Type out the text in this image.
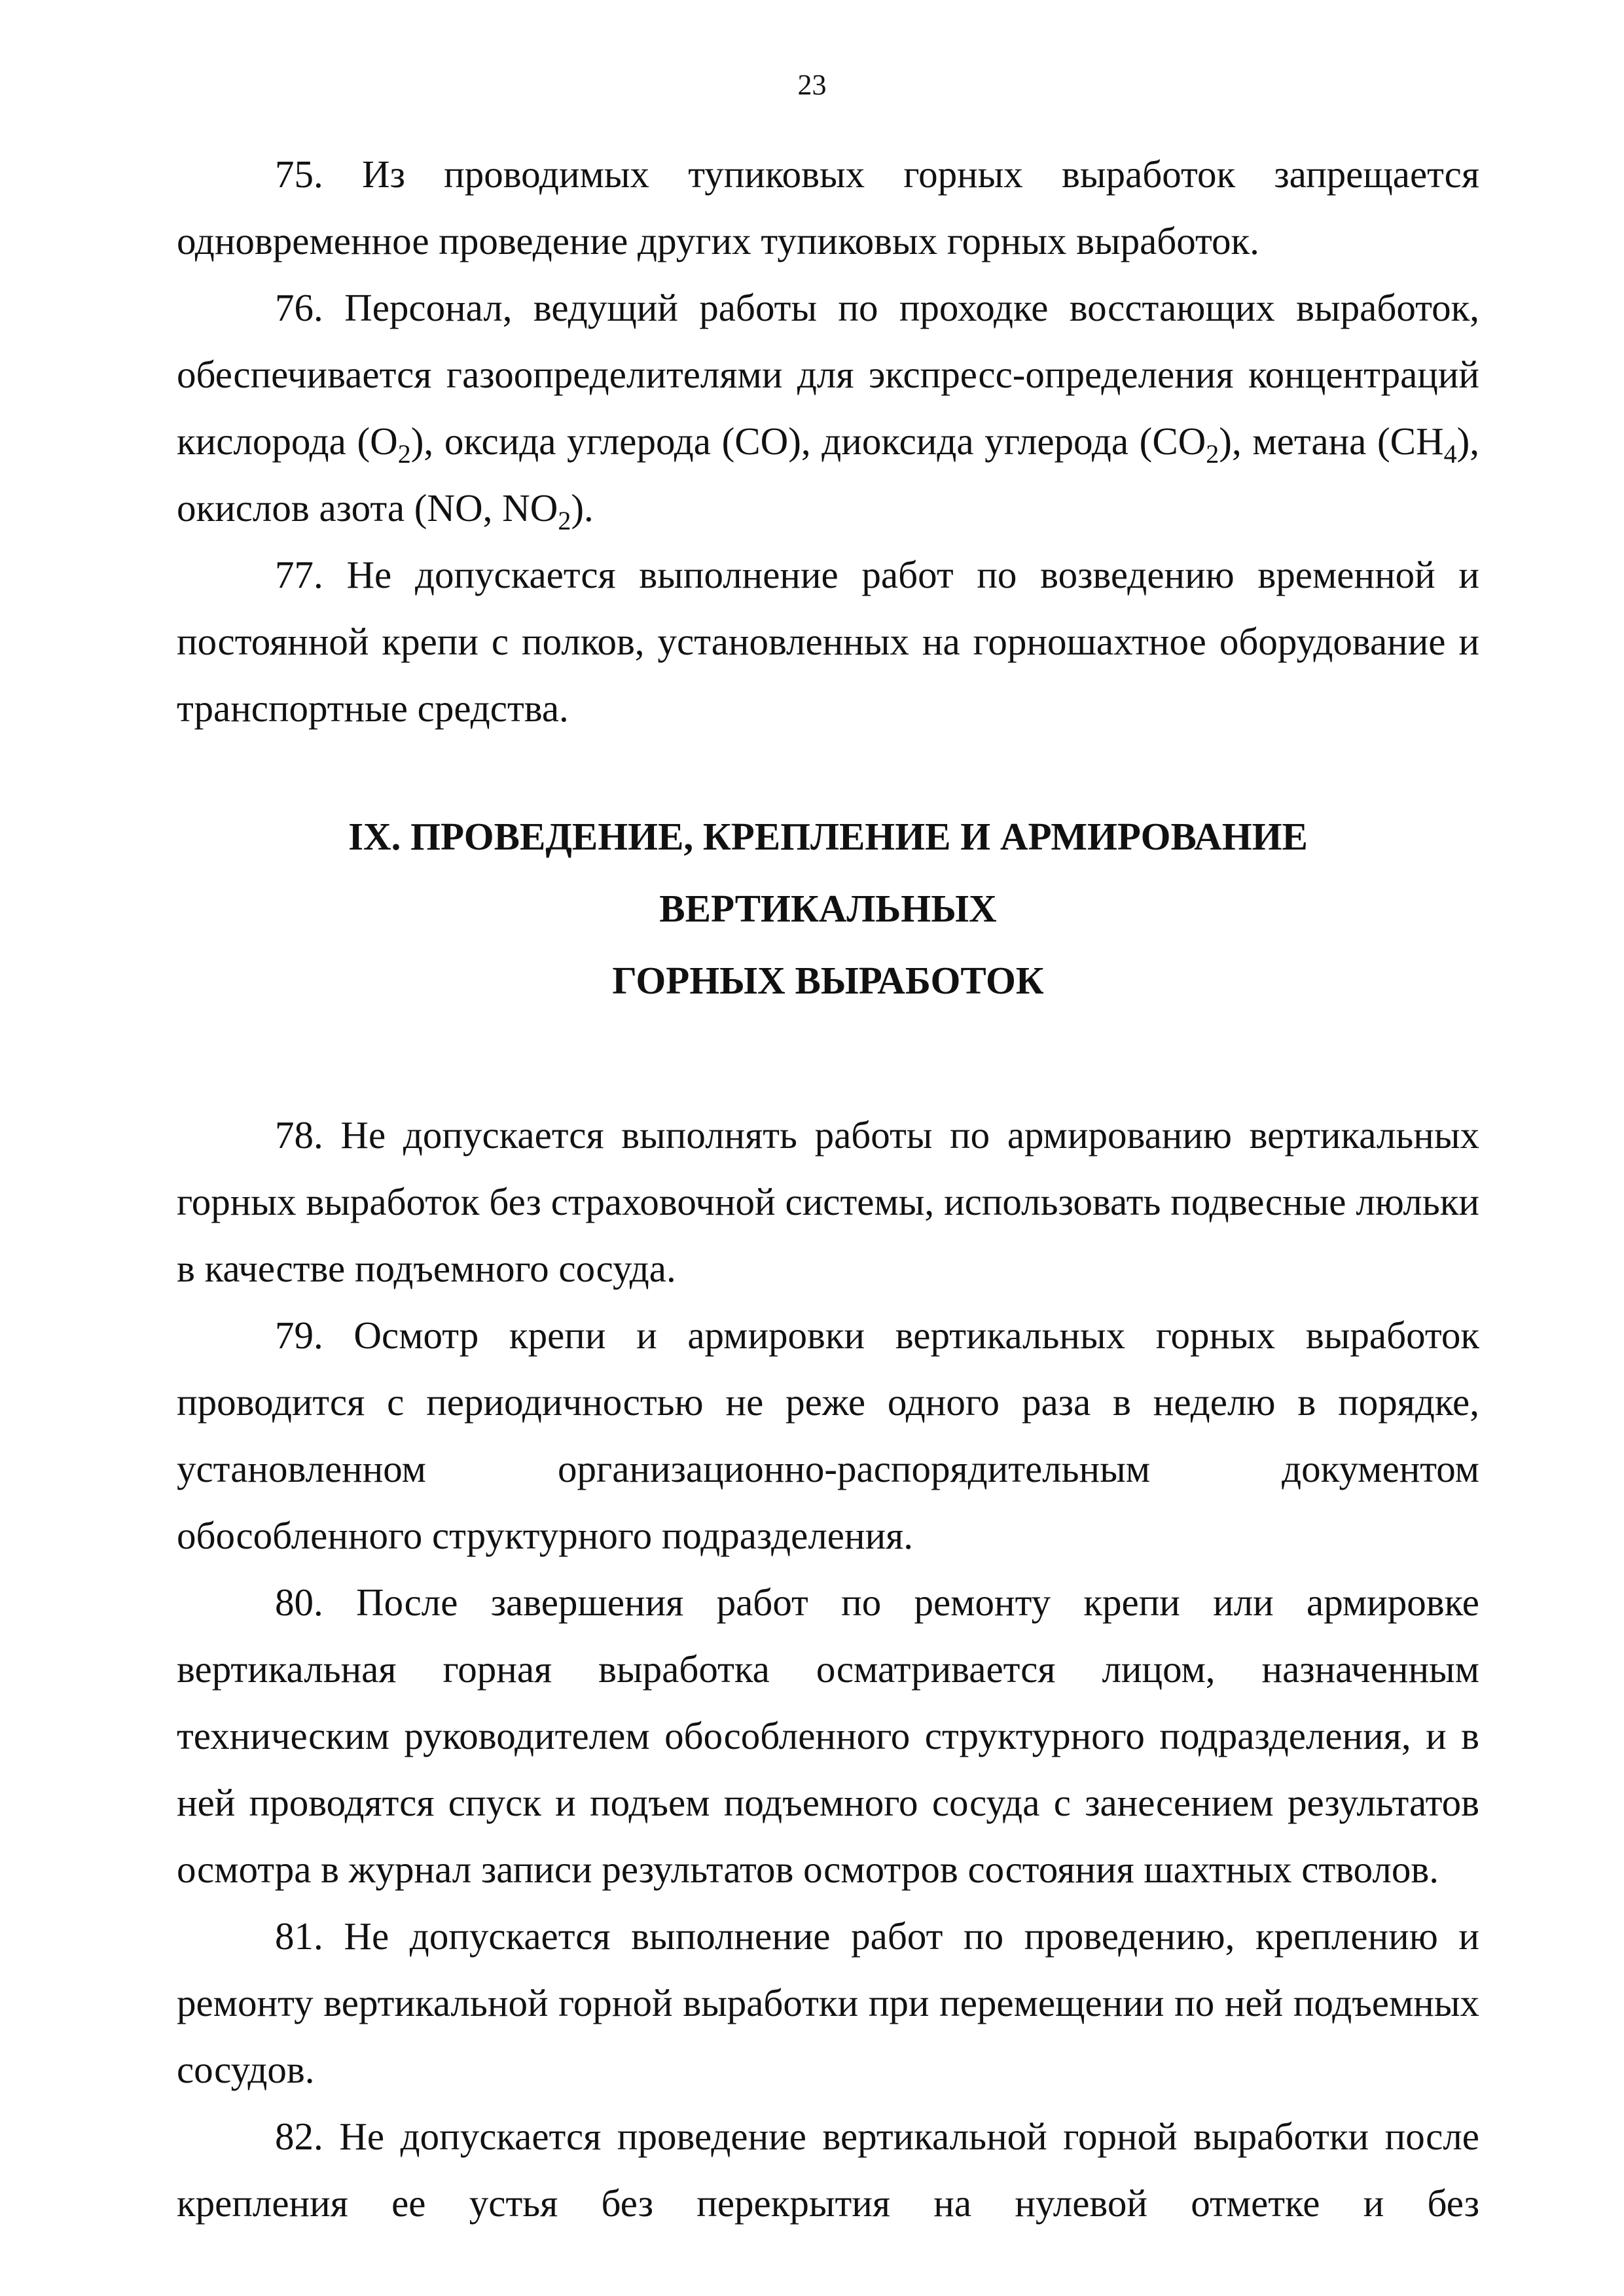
23

75. Из проводимых тупиковых горных выработок запрещается одновременное проведение других тупиковых горных выработок.

76. Персонал, ведущий работы по проходке восстающих выработок, обеспечивается газоопределителями для экспресс-определения концентраций кислорода $(O_2)$, оксида углерода (CO), диоксида углерода $(CO_2)$, метана $(CH_4)$, окислов азота (NO, $NO_2$).

77. Не допускается выполнение работ по возведению временной и постоянной крепи с полков, установленных на горношахтное оборудование и транспортные средства.

IX. ПРОВЕДЕНИЕ, КРЕПЛЕНИЕ И АРМИРОВАНИЕ ВЕРТИКАЛЬНЫХ
ГОРНЫХ ВЫРАБОТОК

78. Не допускается выполнять работы по армированию вертикальных горных выработок без страховочной системы, использовать подвесные люльки в качестве подъемного сосуда.

79. Осмотр крепи и армировки вертикальных горных выработок проводится с периодичностью не реже одного раза в неделю в порядке, установленном организационно-распорядительным документом обособленного структурного подразделения.

80. После завершения работ по ремонту крепи или армировке вертикальная горная выработка осматривается лицом, назначенным техническим руководителем обособленного структурного подразделения, и в ней проводятся спуск и подъем подъемного сосуда с занесением результатов осмотра в журнал записи результатов осмотров состояния шахтных стволов.

81. Не допускается выполнение работ по проведению, креплению и ремонту вертикальной горной выработки при перемещении по ней подъемных сосудов.

82. Не допускается проведение вертикальной горной выработки после крепления ее устья без перекрытия на нулевой отметке и без
